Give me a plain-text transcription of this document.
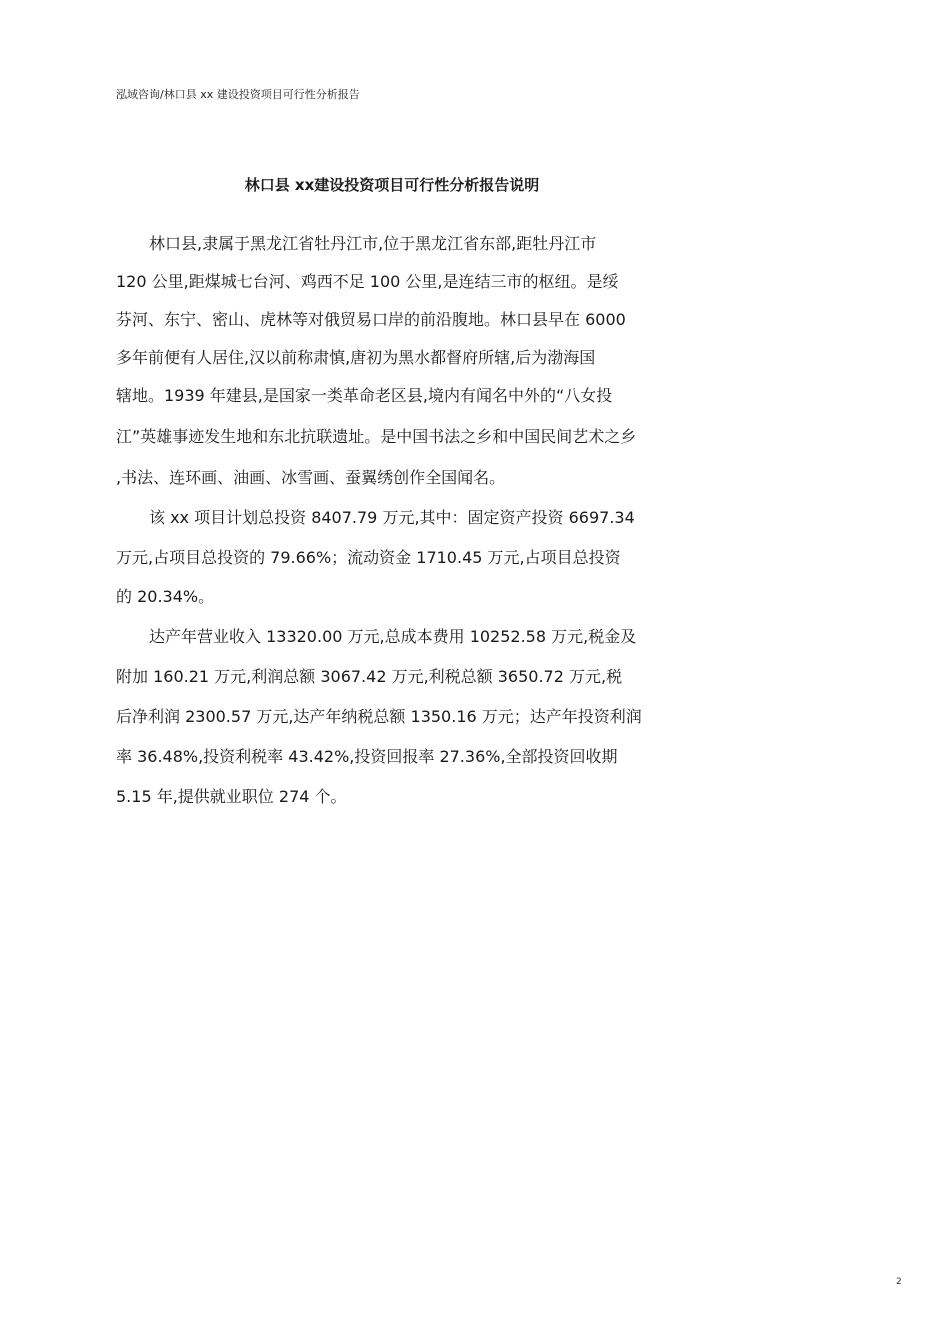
泓域咨询/林口县 xx 建设投资项目可行性分析报告
林口县 xx建设投资项目可行性分析报告说明
林口县,隶属于黑龙江省牡丹江市,位于黑龙江省东部,距牡丹江市
120 公里,距煤城七台河、鸡西不足 100 公里,是连结三市的枢纽。是绥
芬河、东宁、密山、虎林等对俄贸易口岸的前沿腹地。林口县早在 6000
多年前便有人居住,汉以前称肃慎,唐初为黑水都督府所辖,后为渤海国
辖地。1939 年建县,是国家一类革命老区县,境内有闻名中外的“八女投
江”英雄事迹发生地和东北抗联遗址。是中国书法之乡和中国民间艺术之乡
,书法、连环画、油画、冰雪画、蚕翼绣创作全国闻名。
该 xx 项目计划总投资 8407.79 万元,其中：固定资产投资 6697.34
万元,占项目总投资的 79.66%；流动资金 1710.45 万元,占项目总投资
的 20.34%。
达产年营业收入 13320.00 万元,总成本费用 10252.58 万元,税金及
附加 160.21 万元,利润总额 3067.42 万元,利税总额 3650.72 万元,税
后净利润 2300.57 万元,达产年纳税总额 1350.16 万元；达产年投资利润
率 36.48%,投资利税率 43.42%,投资回报率 27.36%,全部投资回收期
5.15 年,提供就业职位 274 个。
2
